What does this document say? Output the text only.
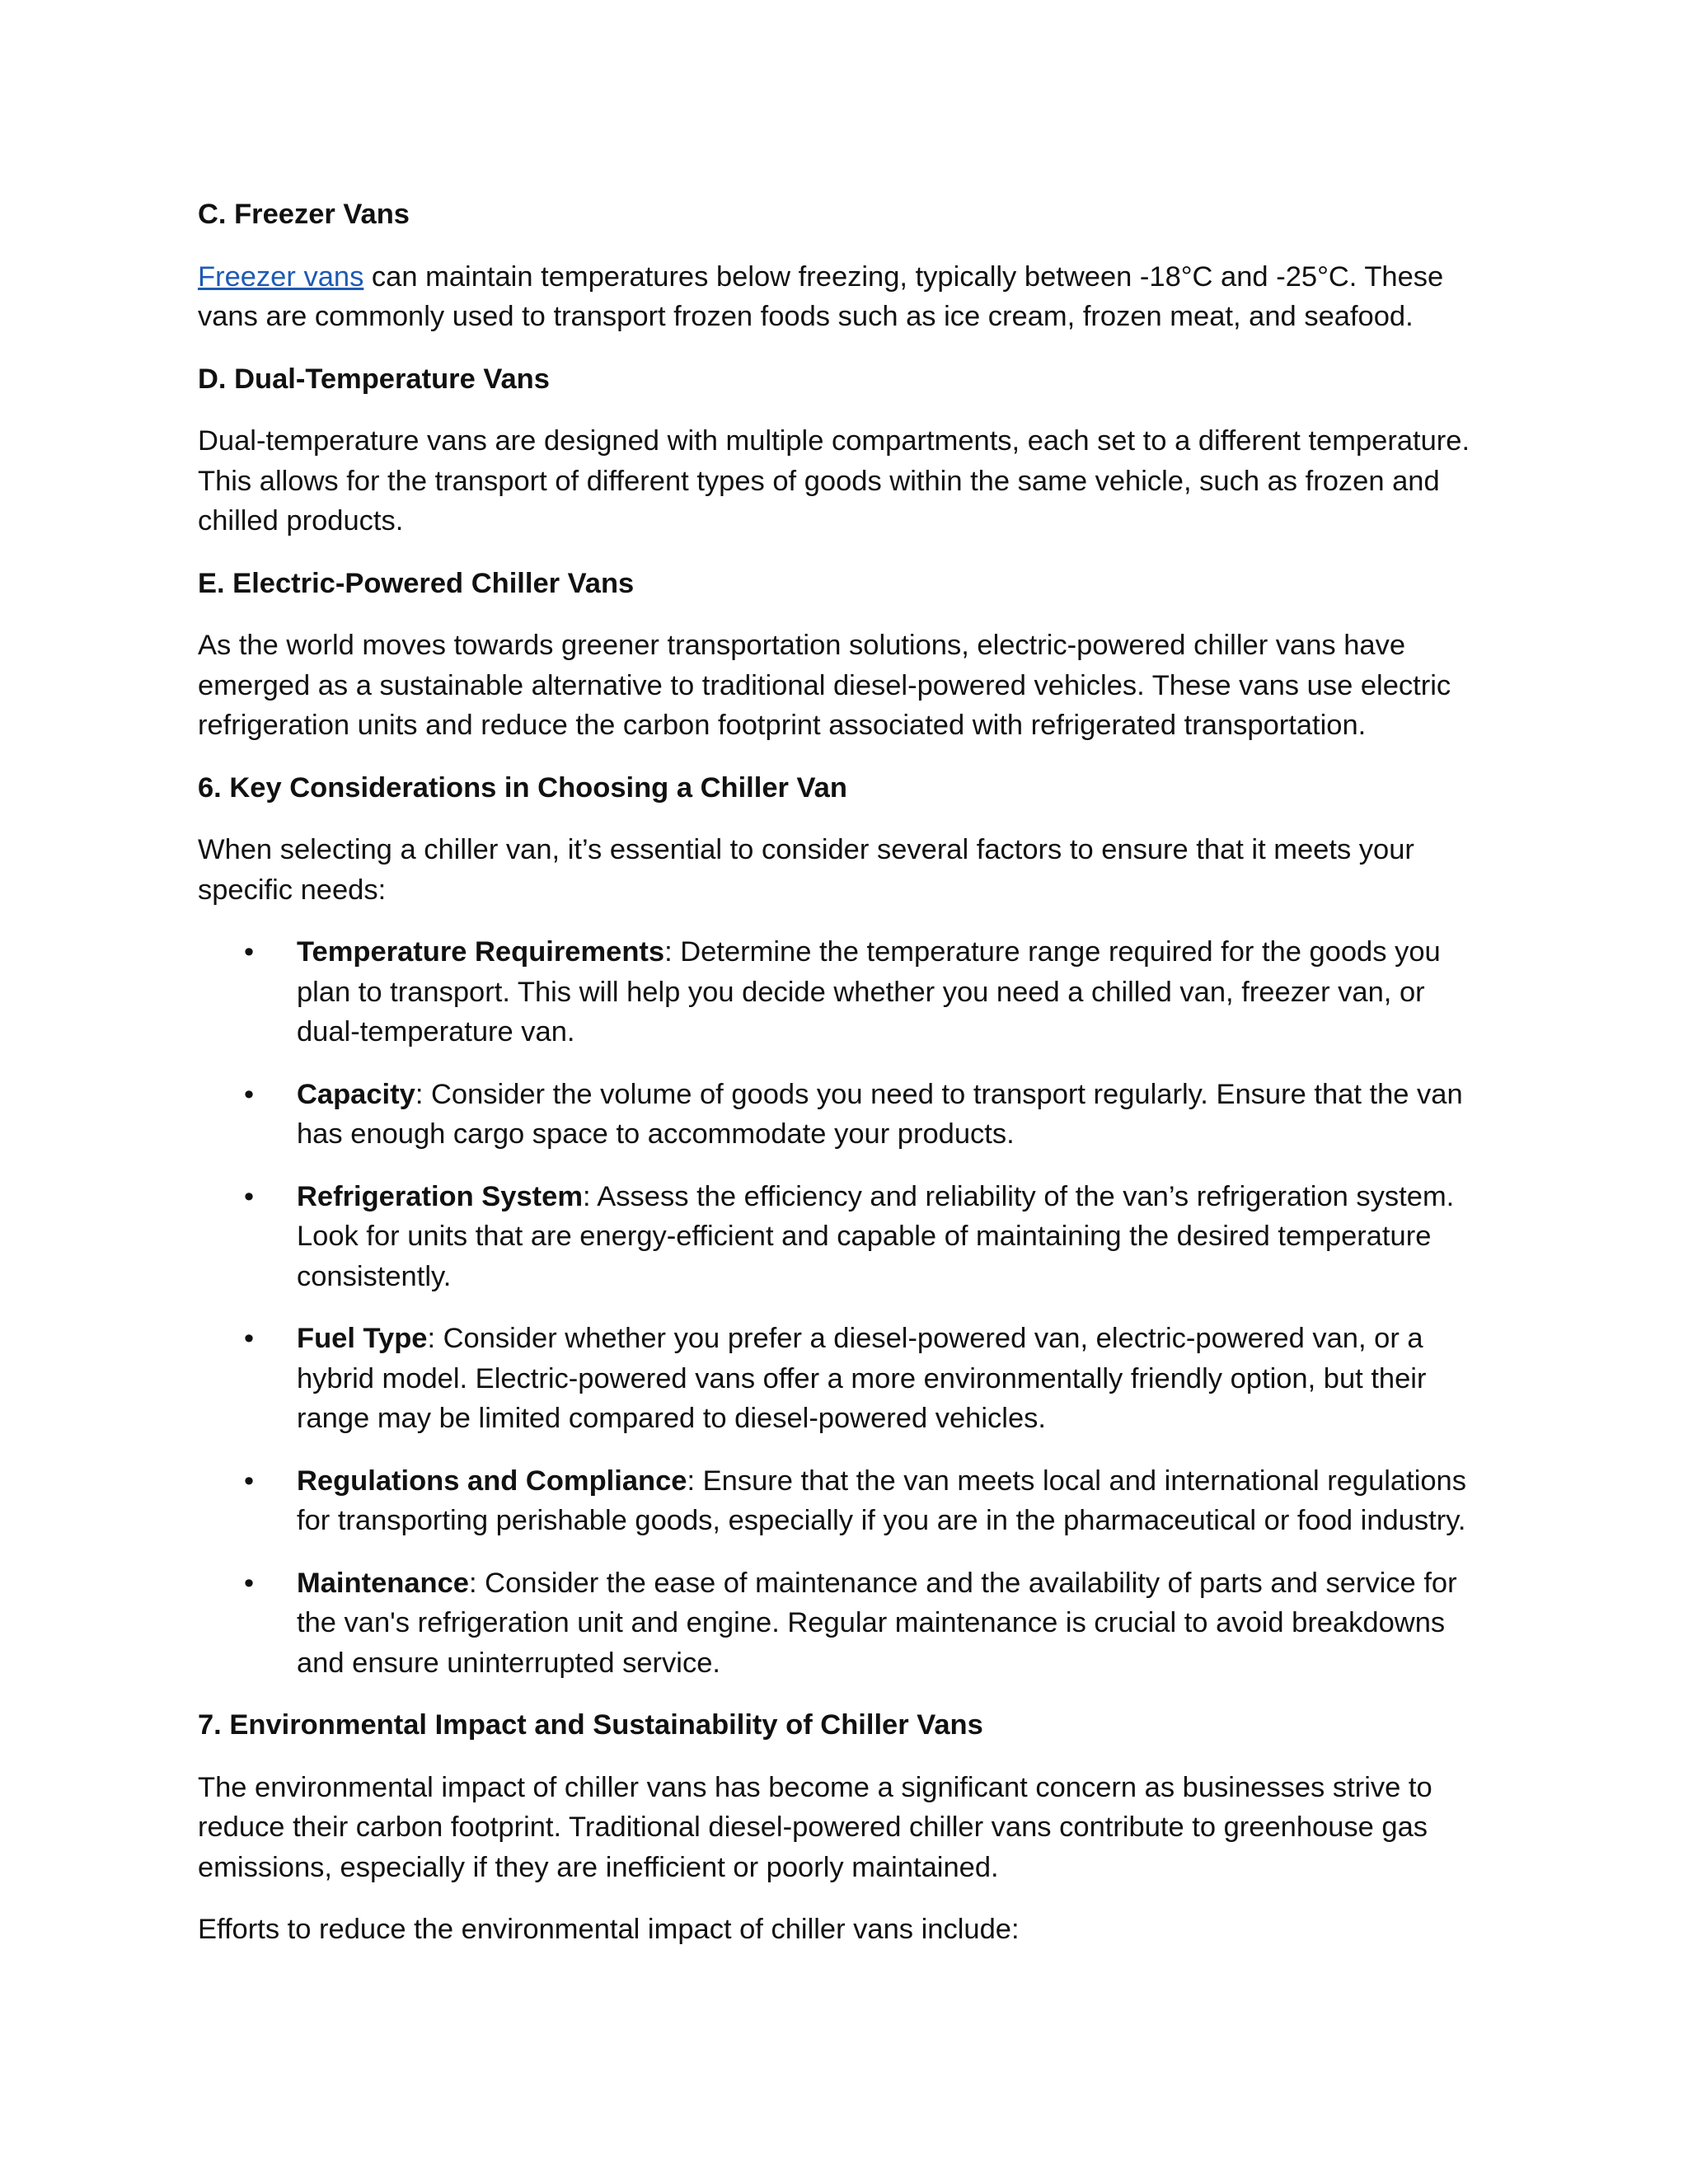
C. Freezer Vans

Freezer vans can maintain temperatures below freezing, typically between -18°C and -25°C. These vans are commonly used to transport frozen foods such as ice cream, frozen meat, and seafood.

D. Dual-Temperature Vans

Dual-temperature vans are designed with multiple compartments, each set to a different temperature. This allows for the transport of different types of goods within the same vehicle, such as frozen and chilled products.

E. Electric-Powered Chiller Vans

As the world moves towards greener transportation solutions, electric-powered chiller vans have emerged as a sustainable alternative to traditional diesel-powered vehicles. These vans use electric refrigeration units and reduce the carbon footprint associated with refrigerated transportation.

6. Key Considerations in Choosing a Chiller Van

When selecting a chiller van, it’s essential to consider several factors to ensure that it meets your specific needs:

• Temperature Requirements: Determine the temperature range required for the goods you plan to transport. This will help you decide whether you need a chilled van, freezer van, or dual-temperature van.
• Capacity: Consider the volume of goods you need to transport regularly. Ensure that the van has enough cargo space to accommodate your products.
• Refrigeration System: Assess the efficiency and reliability of the van’s refrigeration system. Look for units that are energy-efficient and capable of maintaining the desired temperature consistently.
• Fuel Type: Consider whether you prefer a diesel-powered van, electric-powered van, or a hybrid model. Electric-powered vans offer a more environmentally friendly option, but their range may be limited compared to diesel-powered vehicles.
• Regulations and Compliance: Ensure that the van meets local and international regulations for transporting perishable goods, especially if you are in the pharmaceutical or food industry.
• Maintenance: Consider the ease of maintenance and the availability of parts and service for the van's refrigeration unit and engine. Regular maintenance is crucial to avoid breakdowns and ensure uninterrupted service.
7. Environmental Impact and Sustainability of Chiller Vans

The environmental impact of chiller vans has become a significant concern as businesses strive to reduce their carbon footprint. Traditional diesel-powered chiller vans contribute to greenhouse gas emissions, especially if they are inefficient or poorly maintained.

Efforts to reduce the environmental impact of chiller vans include:
